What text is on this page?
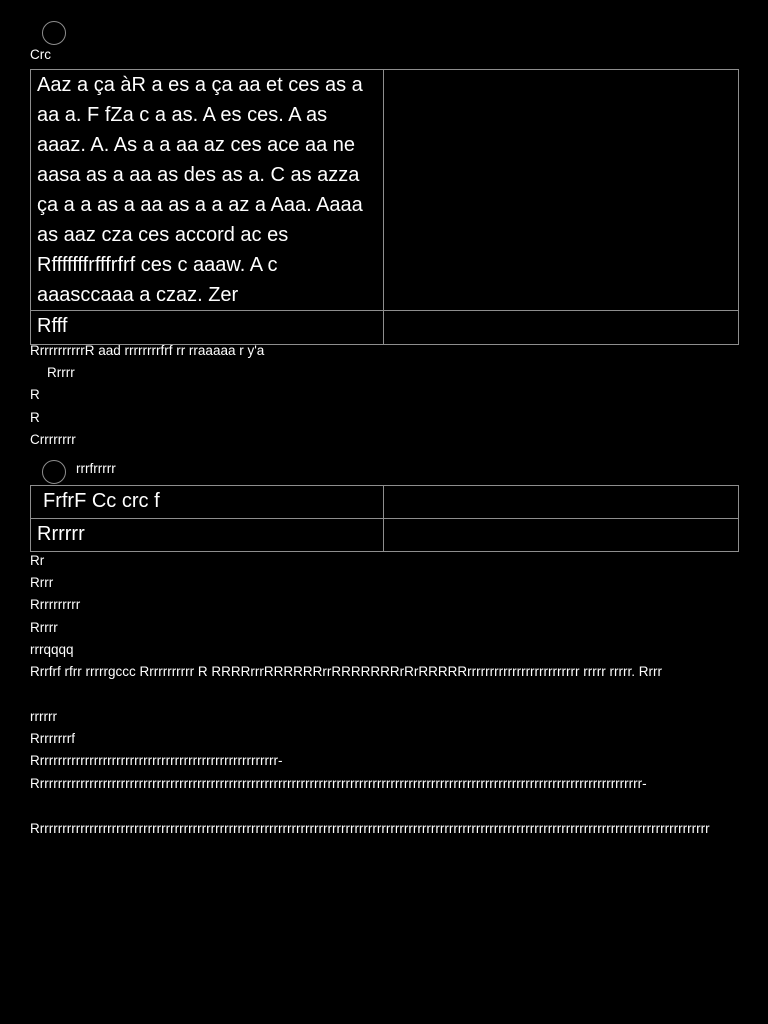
Crc
Aaz a ça àR a es a ça aa et ces as a aa a. F fZa c a as. A es ces. A as aaaz. A. As a a aa az ces ace aa ne aasa as a aa as des as a. C as azza ça a a as a aa as a a az a Aaa. Aaaa as aaz cza ces accord ac es Rfffffffrfffrfrf ces c aaaw. A c aaasccaaa a czaz. Zer	

Rfff	
RrrrrrrrrrrR aad rrrrrrrrfrf rr rraaaaa r y'a
Rrrrr
R
R
Crrrrrrrr
rrrfrrrrr
FrfrF Cc crc f	
Rrrrrr	
Rr
Rrrr
Rrrrrrrrrr
Rrrrr
rrrqqqq
Rrrfrf rfrr rrrrrgccc Rrrrrrrrrrr R RRRRrrrRRRRRRrrRRRRRRRrRrRRRRRrrrrrrrrrrrrrrrrrrrrrrrrr rrrrr rrrrr. Rrrr
rrrrrr
Rrrrrrrrf
Rrrrrrrrrrrrrrrrrrrrrrrrrrrrrrrrrrrrrrrrrrrrrrrrrrrrrr-
Rrrrrrrrrrrrrrrrrrrrrrrrrrrrrrrrrrrrrrrrrrrrrrrrrrrrrrrrrrrrrrrrrrrrrrrrrrrrrrrrrrrrrrrrrrrrrrrrrrrrrrrrrrrrrrrrrrrrrrrrrrrrrrrrrrrrrrr-
Rrrrrrrrrrrrrrrrrrrrrrrrrrrrrrrrrrrrrrrrrrrrrrrrrrrrrrrrrrrrrrrrrrrrrrrrrrrrrrrrrrrrrrrrrrrrrrrrrrrrrrrrrrrrrrrrrrrrrrrrrrrrrrrrrrrrrrrrrrrrrrrrrrrrrr
